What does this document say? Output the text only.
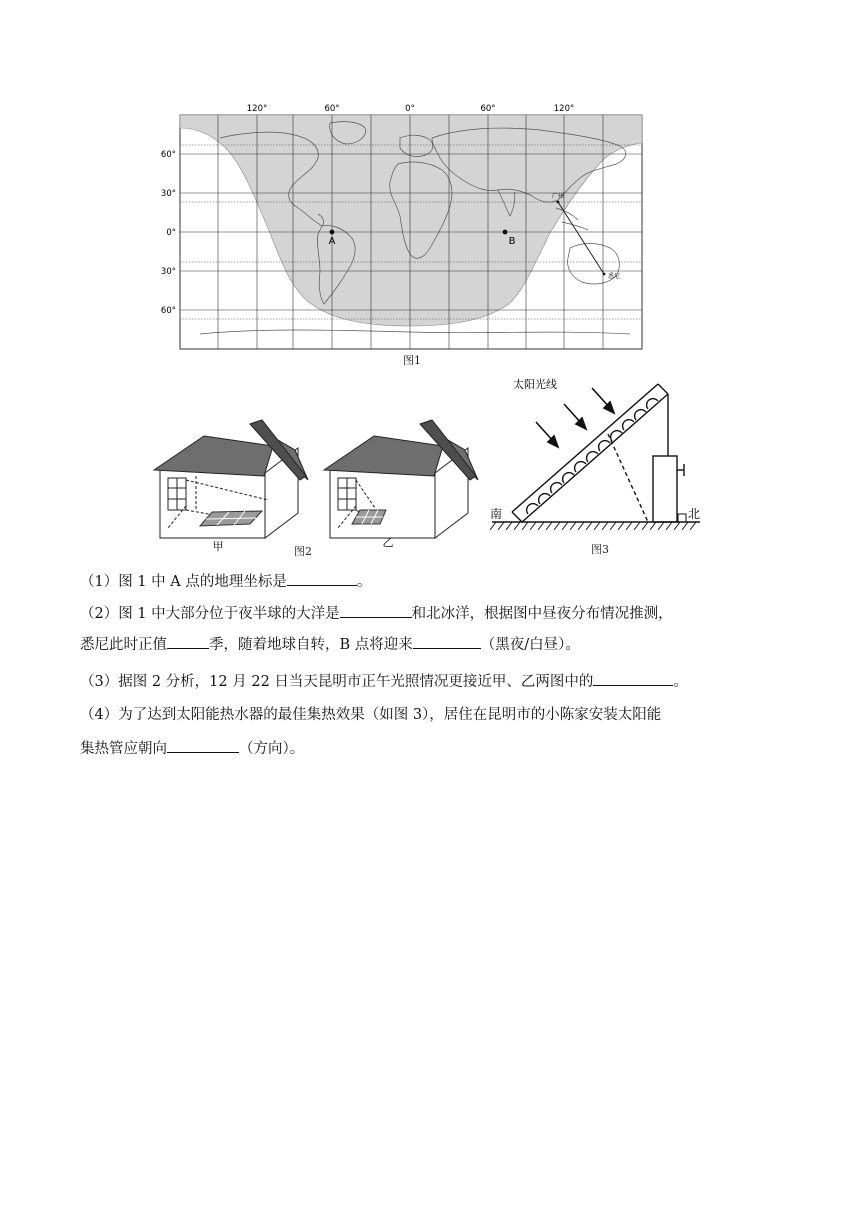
120°	60°	0°	60°	120°
60°
30°
0°
30°
60°
A	B
广州
悉尼
图1
甲	乙
图2
太阳光线
南	北
图3
（1）图 1 中 A 点的地理坐标是	。
（2）图 1 中大部分位于夜半球的大洋是	和北冰洋，根据图中昼夜分布情况推测，
悉尼此时正值	季，随着地球自转，B 点将迎来	（黑夜/白昼）。
（3）据图 2 分析，12 月 22 日当天昆明市正午光照情况更接近甲、乙两图中的	。
（4）为了达到太阳能热水器的最佳集热效果（如图 3），居住在昆明市的小陈家安装太阳能
集热管应朝向	（方向）。
